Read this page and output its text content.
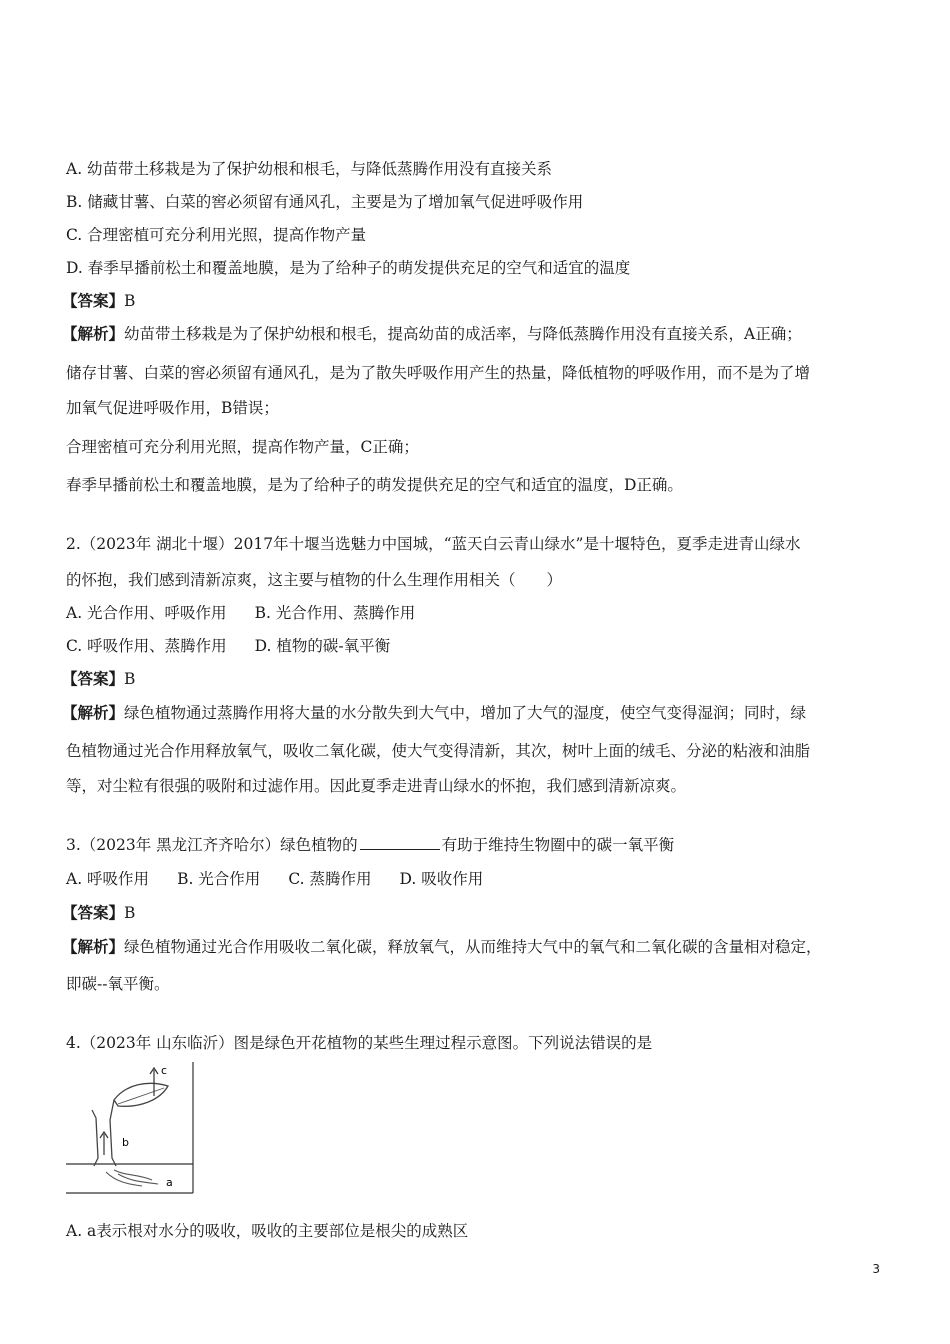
A. 幼苗带土移栽是为了保护幼根和根毛，与降低蒸腾作用没有直接关系
B. 储藏甘薯、白菜的窖必须留有通风孔，主要是为了增加氧气促进呼吸作用
C. 合理密植可充分利用光照，提高作物产量
D. 春季早播前松土和覆盖地膜，是为了给种子的萌发提供充足的空气和适宜的温度
【答案】B
【解析】幼苗带土移栽是为了保护幼根和根毛，提高幼苗的成活率，与降低蒸腾作用没有直接关系，A正确；
储存甘薯、白菜的窖必须留有通风孔，是为了散失呼吸作用产生的热量，降低植物的呼吸作用，而不是为了增
加氧气促进呼吸作用，B错误；
合理密植可充分利用光照，提高作物产量，C正确；
春季早播前松土和覆盖地膜，是为了给种子的萌发提供充足的空气和适宜的温度，D正确。
2.（2023年 湖北十堰）2017年十堰当选魅力中国城，“蓝天白云青山绿水”是十堰特色，夏季走进青山绿水
的怀抱，我们感到清新凉爽，这主要与植物的什么生理作用相关（　　）
A. 光合作用、呼吸作用 B. 光合作用、蒸腾作用
C. 呼吸作用、蒸腾作用 D. 植物的碳-氧平衡
【答案】B
【解析】绿色植物通过蒸腾作用将大量的水分散失到大气中，增加了大气的湿度，使空气变得湿润；同时，绿
色植物通过光合作用释放氧气，吸收二氧化碳，使大气变得清新，其次，树叶上面的绒毛、分泌的粘液和油脂
等，对尘粒有很强的吸附和过滤作用。因此夏季走进青山绿水的怀抱，我们感到清新凉爽。
3.（2023年 黑龙江齐齐哈尔）绿色植物的	有助于维持生物圈中的碳一氧平衡
A. 呼吸作用 B. 光合作用 C. 蒸腾作用 D. 吸收作用
【答案】B
【解析】绿色植物通过光合作用吸收二氧化碳，释放氧气，从而维持大气中的氧气和二氧化碳的含量相对稳定，
即碳--氧平衡。
4.（2023年 山东临沂）图是绿色开花植物的某些生理过程示意图。下列说法错误的是
c
b
a
A. a表示根对水分的吸收，吸收的主要部位是根尖的成熟区
3
